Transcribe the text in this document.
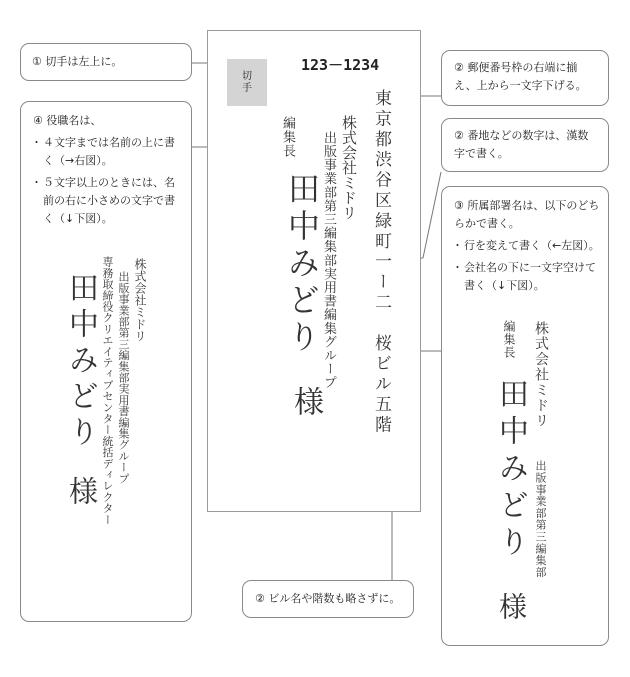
切手
123－1234
東京都渋谷区緑町一ー二　桜ビル五階
株式会社ミドリ
出版事業部第三編集部実用書編集グループ
編集長
田中みどり
様
① 切手は左上に。	② 郵便番号枠の右端に揃え、上から一文字下げる。
② 番地などの数字は、漢数字で書く。
② ビル名や階数も略さずに。
④ 役職名は、
・ ４文字までは名前の上に書く（→右図）。
・ ５文字以上のときには、名前の右に小さめの文字で書く（↓下図）。
株式会社ミドリ
出版事業部第三編集部実用書編集グループ
専務取締役クリエイティブセンター統括ディレクター
田中みどり
様
③ 所属部署名は、以下のどちらかで書く。
・ 行を変えて書く（←左図）。
・ 会社名の下に一文字空けて書く（↓下図）。
株式会社ミドリ
出版事業部第三編集部
編集長
田中みどり
様
